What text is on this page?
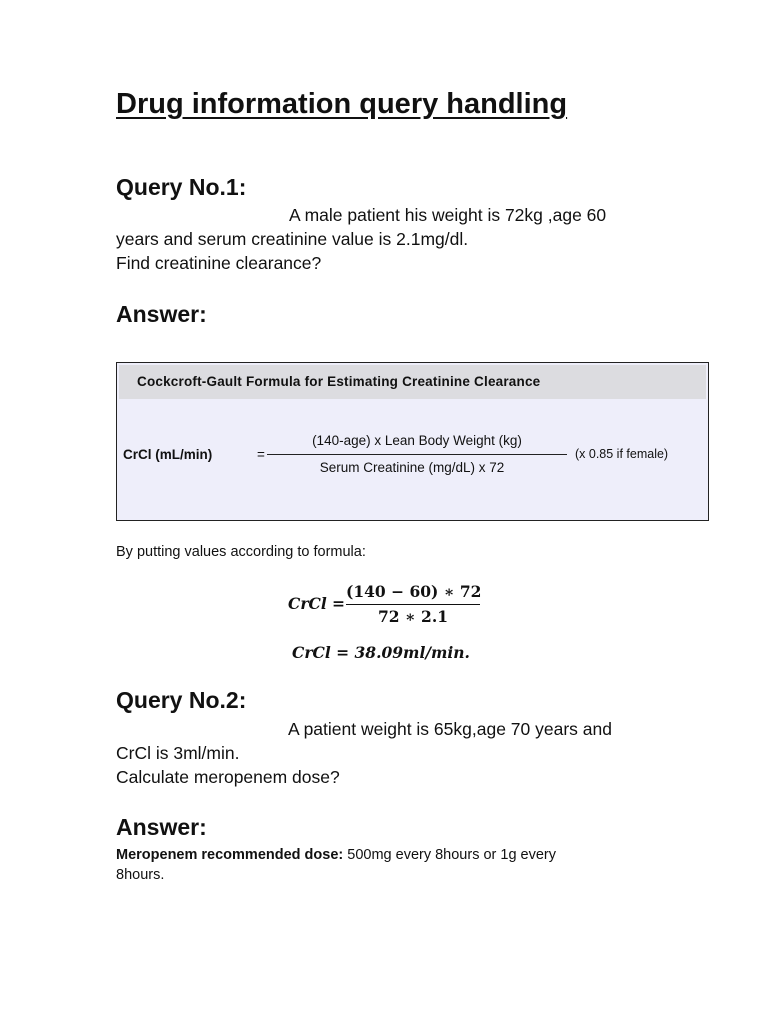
Drug information query handling
Query No.1:
A male patient his weight is 72kg ,age 60
years and serum creatinine value is 2.1mg/dl.
Find creatinine clearance?
Answer:
Cockcroft-Gault Formula for Estimating Creatinine Clearance
CrCl (mL/min)	=
(140-age) x Lean Body Weight (kg)
Serum Creatinine (mg/dL) x 72
(x 0.85 if female)
By putting values according to formula:
CrCl =
(140 − 60) ∗ 72
72 ∗ 2.1
CrCl = 38.09ml/min.
Query No.2:
A patient weight is 65kg,age 70 years and
CrCl is 3ml/min.
Calculate meropenem dose?
Answer:
Meropenem recommended dose: 500mg every 8hours or 1g every
8hours.
